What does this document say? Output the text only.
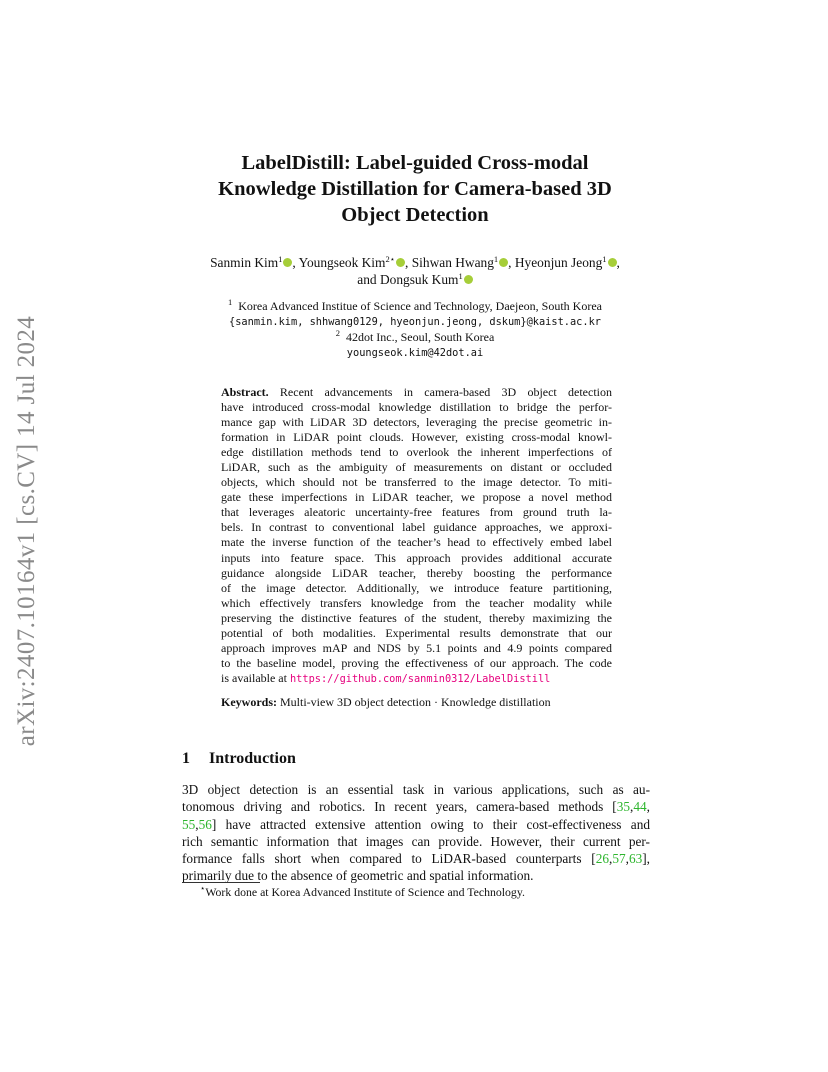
arXiv:2407.10164v1 [cs.CV] 14 Jul 2024
LabelDistill: Label-guided Cross-modal
Knowledge Distillation for Camera-based 3D
Object Detection
Sanmin Kim$^1$ , Youngseok Kim$^{2⋆}$ , Sihwan Hwang$^1$ , Hyeonjun Jeong$^1$ ,
and Dongsuk Kum$^1$
$^1$ Korea Advanced Institue of Science and Technology, Daejeon, South Korea
{sanmin.kim, shhwang0129, hyeonjun.jeong, dskum}@kaist.ac.kr
$^2$ 42dot Inc., Seoul, South Korea
youngseok.kim@42dot.ai
Abstract. Recent advancements in camera-based 3D object detection
have introduced cross-modal knowledge distillation to bridge the perfor-
mance gap with LiDAR 3D detectors, leveraging the precise geometric in-
formation in LiDAR point clouds. However, existing cross-modal knowl-
edge distillation methods tend to overlook the inherent imperfections of
LiDAR, such as the ambiguity of measurements on distant or occluded
objects, which should not be transferred to the image detector. To miti-
gate these imperfections in LiDAR teacher, we propose a novel method
that leverages aleatoric uncertainty-free features from ground truth la-
bels. In contrast to conventional label guidance approaches, we approxi-
mate the inverse function of the teacher’s head to effectively embed label
inputs into feature space. This approach provides additional accurate
guidance alongside LiDAR teacher, thereby boosting the performance
of the image detector. Additionally, we introduce feature partitioning,
which effectively transfers knowledge from the teacher modality while
preserving the distinctive features of the student, thereby maximizing the
potential of both modalities. Experimental results demonstrate that our
approach improves mAP and NDS by 5.1 points and 4.9 points compared
to the baseline model, proving the effectiveness of our approach. The code
is available at https://github.com/sanmin0312/LabelDistill
Keywords: Multi-view 3D object detection · Knowledge distillation
1 Introduction
3D object detection is an essential task in various applications, such as au-
tonomous driving and robotics. In recent years, camera-based methods [35,44,
55,56] have attracted extensive attention owing to their cost-effectiveness and
rich semantic information that images can provide. However, their current per-
formance falls short when compared to LiDAR-based counterparts [26,57,63],
primarily due to the absence of geometric and spatial information.
⋆Work done at Korea Advanced Institute of Science and Technology.
